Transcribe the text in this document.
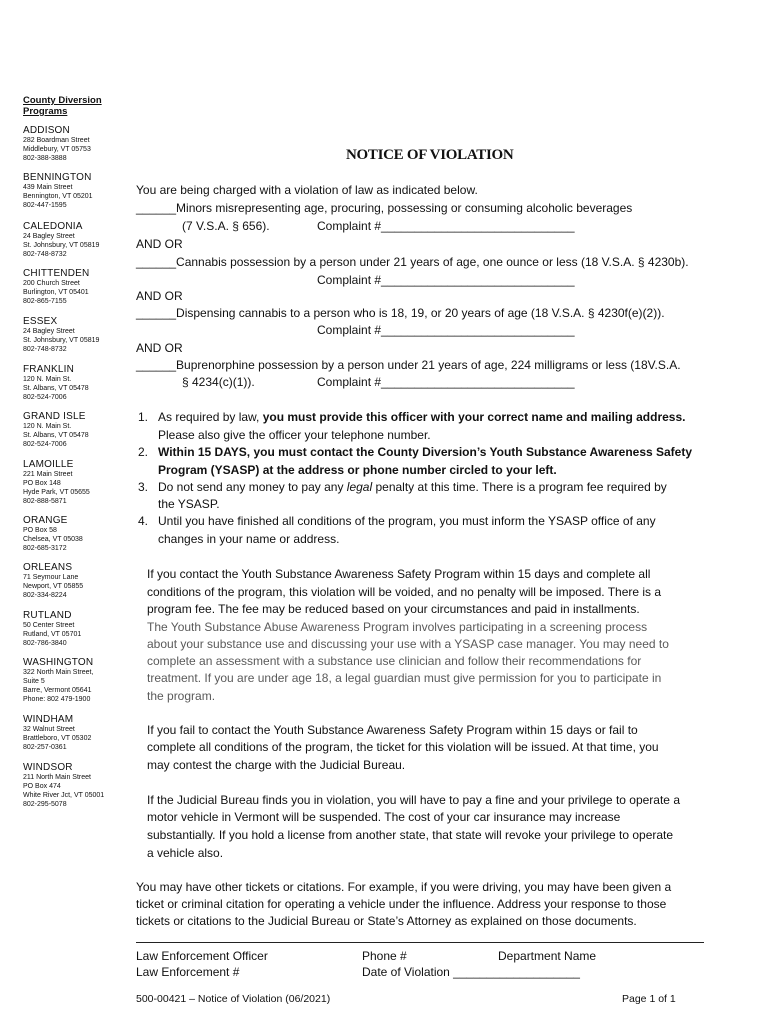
County Diversion Programs
ADDISON
282 Boardman Street
Middlebury, VT 05753
802-388-3888
BENNINGTON
439 Main Street
Bennington, VT 05201
802-447-1595
CALEDONIA
24 Bagley Street
St. Johnsbury, VT 05819
802-748-8732
CHITTENDEN
200 Church Street
Burlington, VT 05401
802-865-7155
ESSEX
24 Bagley Street
St. Johnsbury, VT 05819
802-748-8732
FRANKLIN
120 N. Main St.
St. Albans, VT 05478
802-524-7006
GRAND ISLE
120 N. Main St.
St. Albans, VT 05478
802-524-7006
LAMOILLE
221 Main Street
PO Box 148
Hyde Park, VT 05655
802-888-5871
ORANGE
PO Box 58
Chelsea, VT 05038
802-685-3172
ORLEANS
71 Seymour Lane
Newport, VT 05855
802-334-8224
RUTLAND
50 Center Street
Rutland, VT 05701
802-786-3840
WASHINGTON
322 North Main Street,
Suite 5
Barre, Vermont 05641
Phone: 802 479-1900
WINDHAM
32 Walnut Street
Brattleboro, VT 05302
802-257-0361
WINDSOR
211 North Main Street
PO Box 474
White River Jct, VT 05001
802-295-5078
NOTICE OF VIOLATION
You are being charged with a violation of law as indicated below.
______Minors misrepresenting age, procuring, possessing or consuming alcoholic beverages
(7 V.S.A. § 656).	Complaint #_____________________________
AND OR
______Cannabis possession by a person under 21 years of age, one ounce or less (18 V.S.A. § 4230b).
Complaint #_____________________________
AND OR
______Dispensing cannabis to a person who is 18, 19, or 20 years of age (18 V.S.A. § 4230f(e)(2)).
Complaint #_____________________________
AND OR
______Buprenorphine possession by a person under 21 years of age, 224 milligrams or less (18V.S.A.
§ 4234(c)(1)).	Complaint #_____________________________
1. As required by law, you must provide this officer with your correct name and mailing address.
Please also give the officer your telephone number.
2. Within 15 DAYS, you must contact the County Diversion’s Youth Substance Awareness Safety
Program (YSASP) at the address or phone number circled to your left.
3. Do not send any money to pay any legal penalty at this time. There is a program fee required by
the YSASP.
4. Until you have finished all conditions of the program, you must inform the YSASP office of any
changes in your name or address.
If you contact the Youth Substance Awareness Safety Program within 15 days and complete all
conditions of the program, this violation will be voided, and no penalty will be imposed. There is a
program fee. The fee may be reduced based on your circumstances and paid in installments.
The Youth Substance Abuse Awareness Program involves participating in a screening process
about your substance use and discussing your use with a YSASP case manager. You may need to
complete an assessment with a substance use clinician and follow their recommendations for
treatment. If you are under age 18, a legal guardian must give permission for you to participate in
the program.
If you fail to contact the Youth Substance Awareness Safety Program within 15 days or fail to
complete all conditions of the program, the ticket for this violation will be issued. At that time, you
may contest the charge with the Judicial Bureau.
If the Judicial Bureau finds you in violation, you will have to pay a fine and your privilege to operate a
motor vehicle in Vermont will be suspended. The cost of your car insurance may increase
substantially. If you hold a license from another state, that state will revoke your privilege to operate
a vehicle also.
You may have other tickets or citations. For example, if you were driving, you may have been given a
ticket or criminal citation for operating a vehicle under the influence. Address your response to those
tickets or citations to the Judicial Bureau or State’s Attorney as explained on those documents.
Law Enforcement Officer	Phone #	Department Name
Law Enforcement #	Date of Violation ___________________
500-00421 – Notice of Violation (06/2021)	Page 1 of 1
